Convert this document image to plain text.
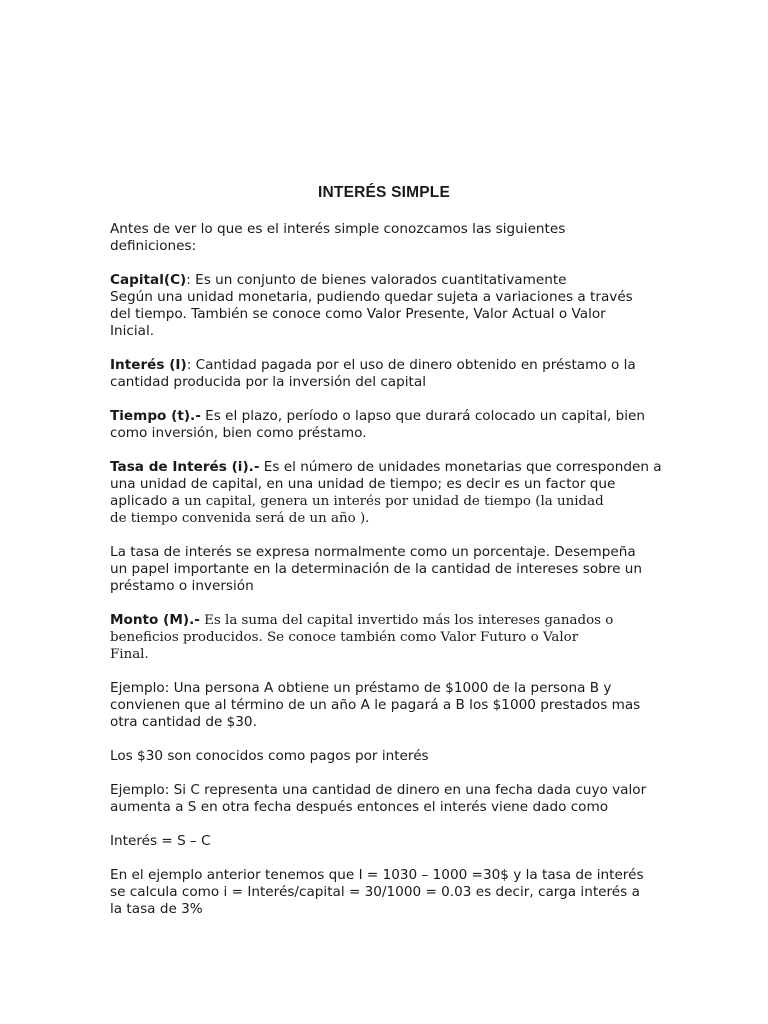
INTERÉS SIMPLE
Antes de ver lo que es el interés simple conozcamos las siguientes
definiciones:
Capital(C): Es un conjunto de bienes valorados cuantitativamente
Según una unidad monetaria, pudiendo quedar sujeta a variaciones a través
del tiempo. También se conoce como Valor Presente, Valor Actual o Valor
Inicial.
Interés (I): Cantidad pagada por el uso de dinero obtenido en préstamo o la
cantidad producida por la inversión del capital
Tiempo (t).- Es el plazo, período o lapso que durará colocado un capital, bien
como inversión, bien como préstamo.
Tasa de Interés (i).- Es el número de unidades monetarias que corresponden a
una unidad de capital, en una unidad de tiempo; es decir es un factor que
aplicado a un capital, genera un interés por unidad de tiempo (la unidad
de tiempo convenida será de un año ).
La tasa de interés se expresa normalmente como un porcentaje. Desempeña
un papel importante en la determinación de la cantidad de intereses sobre un
préstamo o inversión
Monto (M).- Es la suma del capital invertido más los intereses ganados o
beneficios producidos. Se conoce también como Valor Futuro o Valor
Final.
Ejemplo: Una persona A obtiene un préstamo de $1000 de la persona B y
convienen que al término de un año A le pagará a B los $1000 prestados mas
otra cantidad de $30.
Los $30 son conocidos como pagos por interés
Ejemplo: Si C representa una cantidad de dinero en una fecha dada cuyo valor
aumenta a S en otra fecha después entonces el interés viene dado como
Interés = S – C
En el ejemplo anterior tenemos que I = 1030 – 1000 =30$ y la tasa de interés
se calcula como i = Interés/capital = 30/1000 = 0.03 es decir, carga interés a
la tasa de 3%
